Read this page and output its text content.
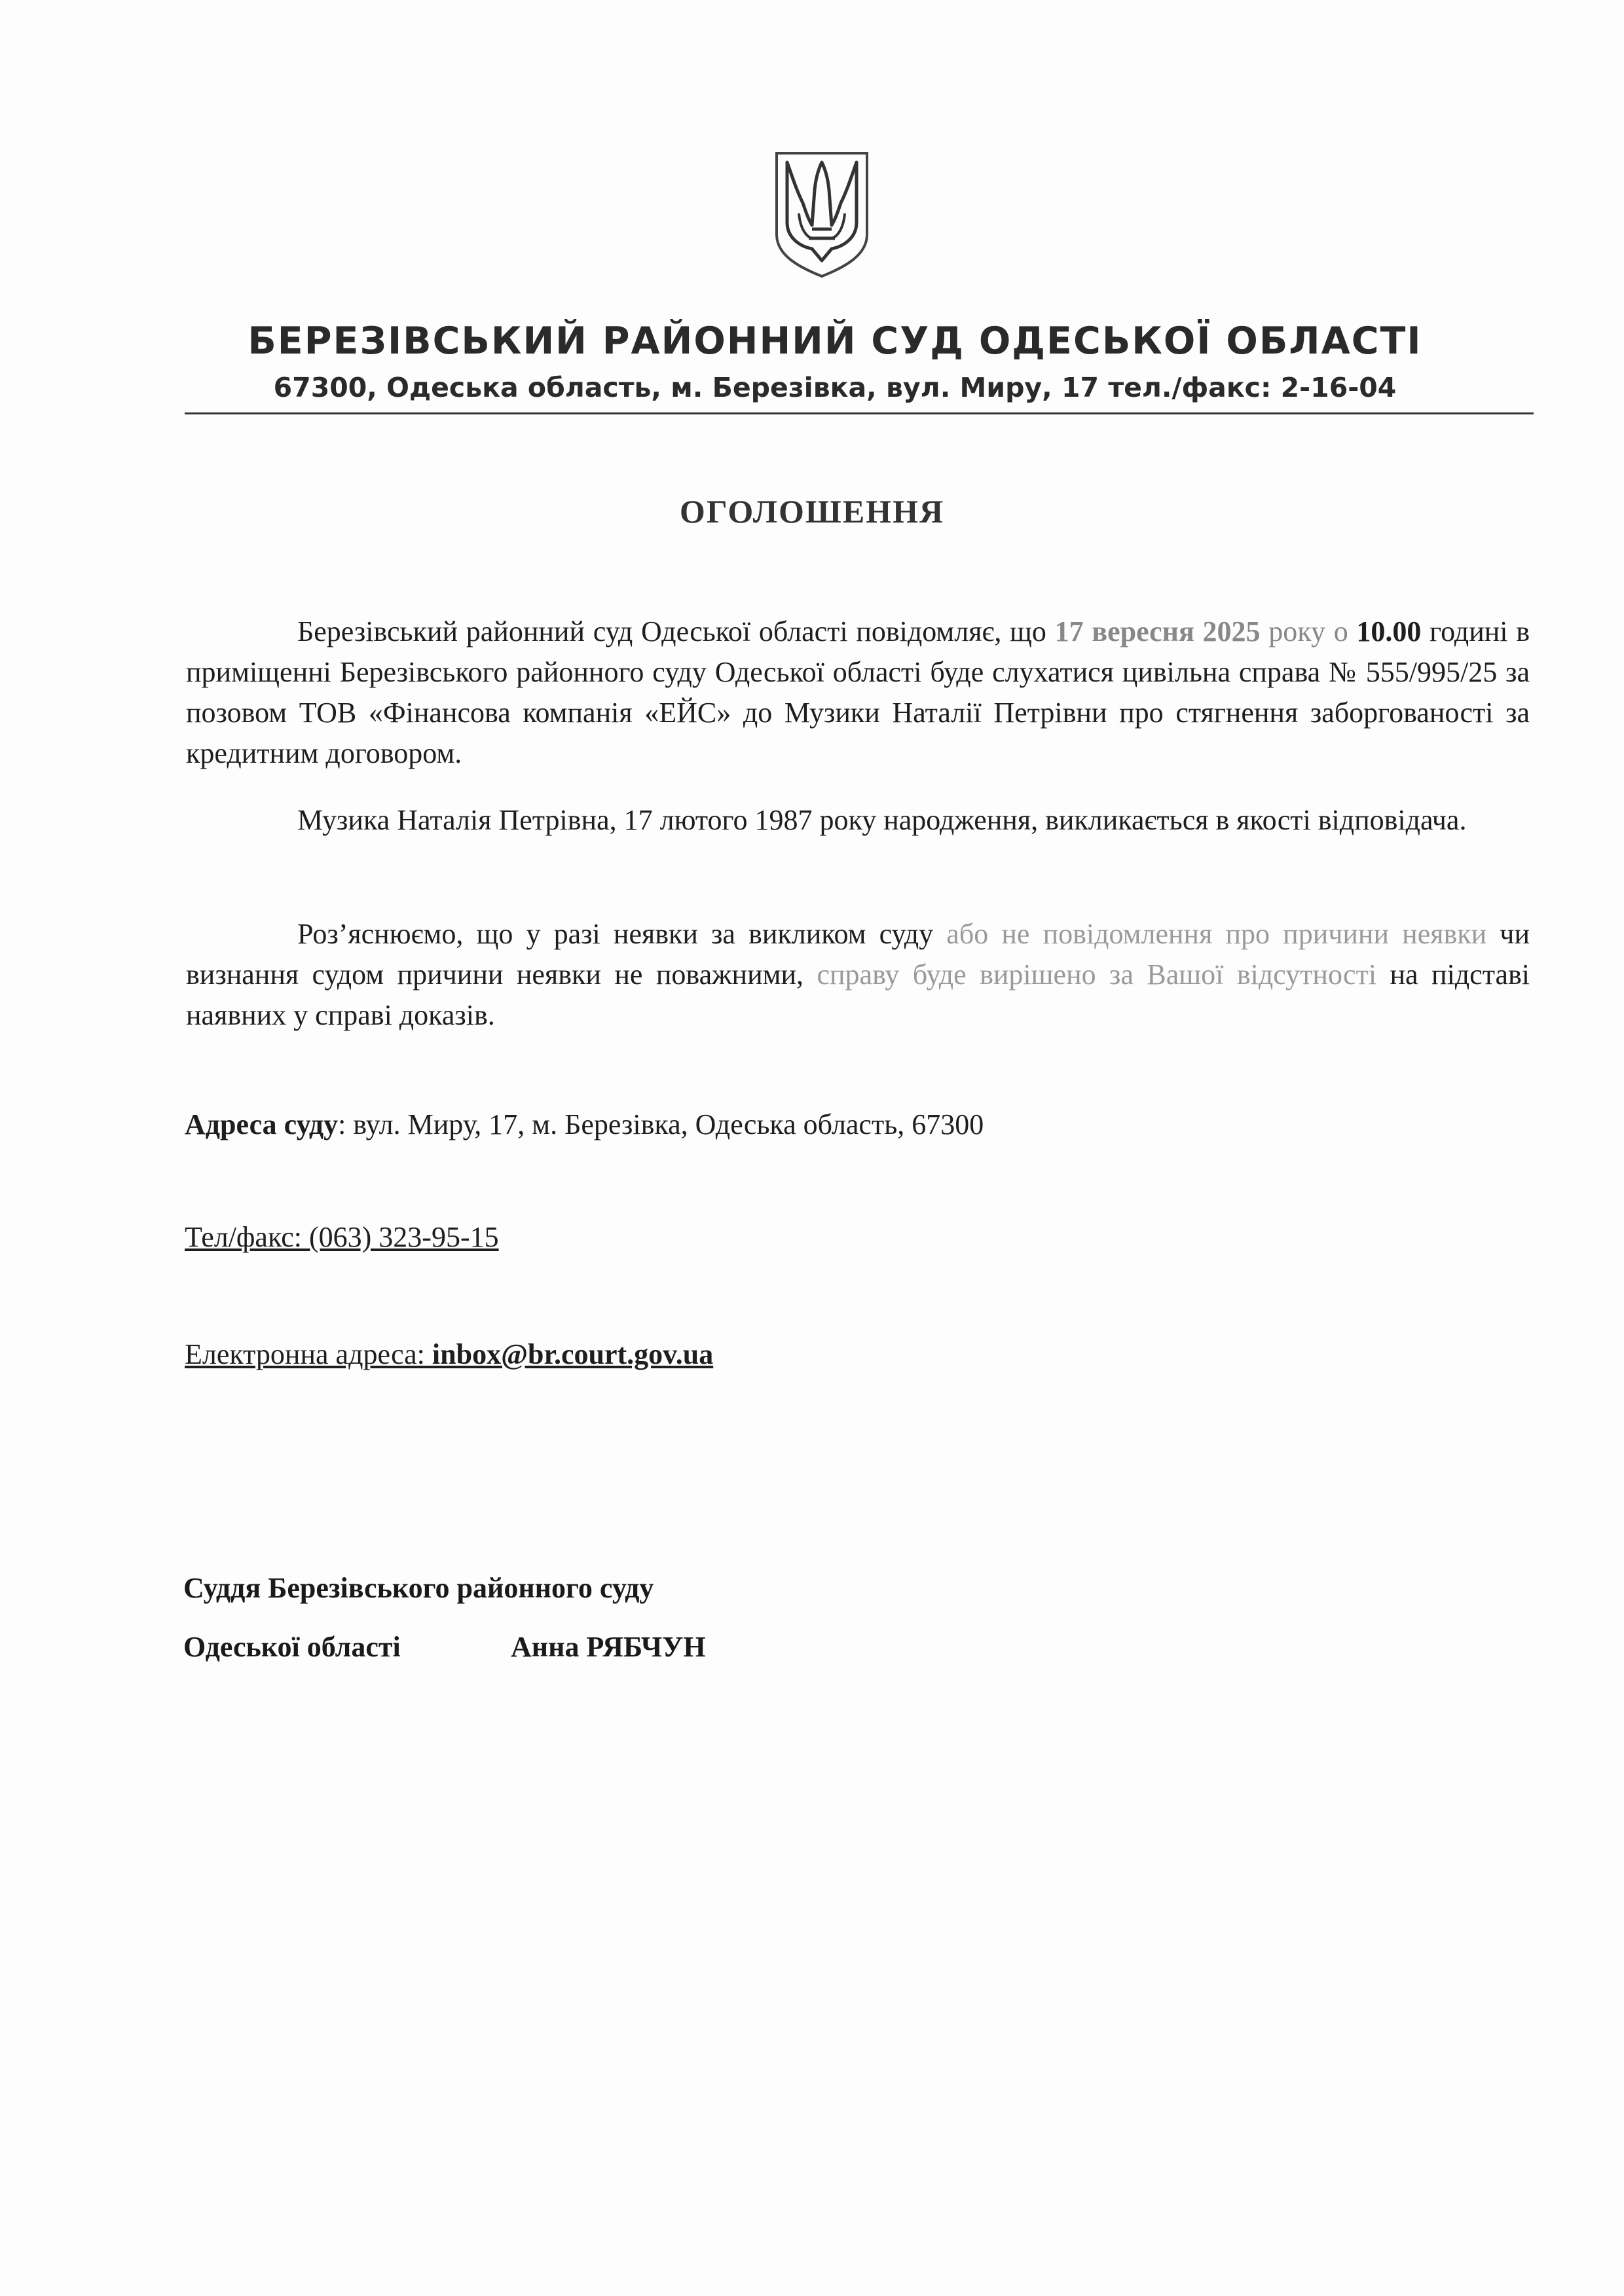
БЕРЕЗІВСЬКИЙ РАЙОННИЙ СУД ОДЕСЬКОЇ ОБЛАСТІ
67300, Одеська область, м. Березівка, вул. Миру, 17 тел./факс: 2-16-04
ОГОЛОШЕННЯ
Березівський районний суд Одеської області повідомляє, що 17 вересня 2025 року о 10.00 годині в приміщенні Березівського районного суду Одеської області буде слухатися цивільна справа № 555/995/25 за позовом ТОВ «Фінансова компанія «ЕЙС» до Музики Наталії Петрівни про стягнення заборгованості за кредитним договором.
Музика Наталія Петрівна, 17 лютого 1987 року народження, викликається в якості відповідача.
Роз’яснюємо, що у разі неявки за викликом суду або не повідомлення про причини неявки чи визнання судом причини неявки не поважними, справу буде вирішено за Вашої відсутності на підставі наявних у справі доказів.
Адреса суду: вул. Миру, 17, м. Березівка, Одеська область, 67300
Тел/факс: (063) 323-95-15
Електронна адреса: inbox@br.court.gov.ua
Суддя Березівського районного суду
Одеської області	Анна РЯБЧУН
